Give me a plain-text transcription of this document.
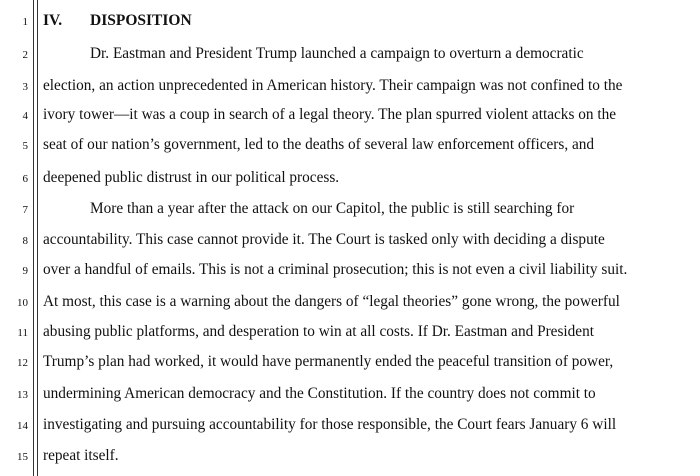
1
2
3
4
5
6
7
8
9
10
11
12
13
14
15
IV. DISPOSITION
Dr. Eastman and President Trump launched a campaign to overturn a democratic
election, an action unprecedented in American history. Their campaign was not confined to the
ivory tower—it was a coup in search of a legal theory. The plan spurred violent attacks on the
seat of our nation’s government, led to the deaths of several law enforcement officers, and
deepened public distrust in our political process.
More than a year after the attack on our Capitol, the public is still searching for
accountability. This case cannot provide it. The Court is tasked only with deciding a dispute
over a handful of emails. This is not a criminal prosecution; this is not even a civil liability suit.
At most, this case is a warning about the dangers of “legal theories” gone wrong, the powerful
abusing public platforms, and desperation to win at all costs. If Dr. Eastman and President
Trump’s plan had worked, it would have permanently ended the peaceful transition of power,
undermining American democracy and the Constitution. If the country does not commit to
investigating and pursuing accountability for those responsible, the Court fears January 6 will
repeat itself.
